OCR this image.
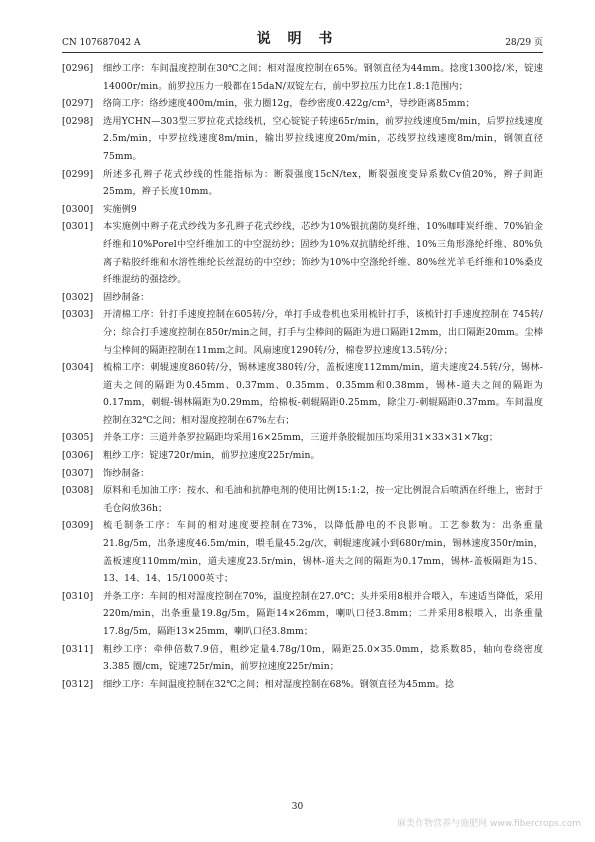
CN 107687042 A	说 明 书	28/29 页
[0296] 细纱工序：车间温度控制在30℃之间；相对湿度控制在65%。钢领直径为44mm。捻度1300捻/米，锭速14000r/min。前罗拉压力一般都在15daN/双锭左右，前中罗拉压力比在1.8:1范围内；
[0297] 络筒工序：络纱速度400m/min，张力圈12g，卷纱密度0.422g/cm³，导纱距离85mm；
[0298] 选用YCHN—303型三罗拉花式捻线机，空心锭锭子转速65r/min，前罗拉线速度5m/min，后罗拉线速度2.5m/min，中罗拉线速度8m/min，输出罗拉线速度20m/min，芯线罗拉线速度8m/min，钢领直径75mm。
[0299] 所述多孔辫子花式纱线的性能指标为：断裂强度15cN/tex，断裂强度变异系数Cv值20%，辫子间距 25mm，辫子长度10mm。
[0300] 实施例9
[0301] 本实施例中辫子花式纱线为多孔辫子花式纱线，芯纱为10%银抗菌防臭纤维、10%咖啡炭纤维、70%铂金纤维和10%Porel中空纤维加工的中空混纺纱；固纱为10%双抗腈纶纤维、10%三角形涤纶纤维、80%负离子粘胶纤维和水溶性维纶长丝混纺的中空纱；饰纱为10%中空涤纶纤维、80%丝光羊毛纤维和10%桑皮纤维混纺的强捻纱。
[0302] 固纱制备：
[0303] 开清棉工序：针打手速度控制在605转/分，单打手成卷机也采用梳针打手，该梳针打手速度控制在 745转/分；综合打手速度控制在850r/min之间，打手与尘棒间的隔距为进口隔距12mm，出口隔距20mm。尘棒与尘棒间的隔距控制在11mm之间。风扇速度1290转/分，棉卷罗拉速度13.5转/分；
[0304] 梳棉工序：刺辊速度860转/分，锡林速度380转/分，盖板速度112mm/min，道夫速度24.5转/分，锡林-道夫之间的隔距为0.45mm、0.37mm、0.35mm、0.35mm和0.38mm，锡林-道夫之间的隔距为0.17mm，刺辊-锡林隔距为0.29mm，给棉板-刺辊隔距0.25mm，除尘刀-刺辊隔距0.37mm。车间温度控制在32℃之间；相对湿度控制在67%左右；
[0305] 并条工序：三道并条罗拉隔距均采用16×25mm，三道并条胶辊加压均采用31×33×31×7kg；
[0306] 粗纱工序：锭速720r/min，前罗拉速度225r/min。
[0307] 饰纱制备：
[0308] 原料和毛加油工序：按水、和毛油和抗静电剂的使用比例15:1:2，按一定比例混合后喷洒在纤维上，密封于毛仓闷放36h；
[0309] 梳毛制条工序：车间的相对速度要控制在73%，以降低静电的不良影响。工艺参数为：出条重量21.8g/5m，出条速度46.5m/min，喂毛量45.2g/次，刺辊速度减小到680r/min，锡林速度350r/min，盖板速度110mm/min，道夫速度23.5r/min，锡林-道夫之间的隔距为0.17mm，锡林-盖板隔距为15、13、14、14、15/1000英寸；
[0310] 并条工序：车间的相对湿度控制在70%，温度控制在27.0℃；头并采用8根并合喂入，车速适当降低，采用220m/min，出条重量19.8g/5m，隔距14×26mm，喇叭口径3.8mm；二并采用8根喂入，出条重量 17.8g/5m，隔距13×25mm，喇叭口径3.8mm；
[0311] 粗纱工序：牵伸倍数7.9倍，粗纱定量4.78g/10m，隔距25.0×35.0mm，捻系数85，轴向卷绕密度3.385 圈/cm，锭速725r/min，前罗拉速度225r/min；
[0312] 细纱工序：车间温度控制在32℃之间；相对湿度控制在68%。钢领直径为45mm。捻
30
麻类作物营养与施肥网 www.fibercrops.com
